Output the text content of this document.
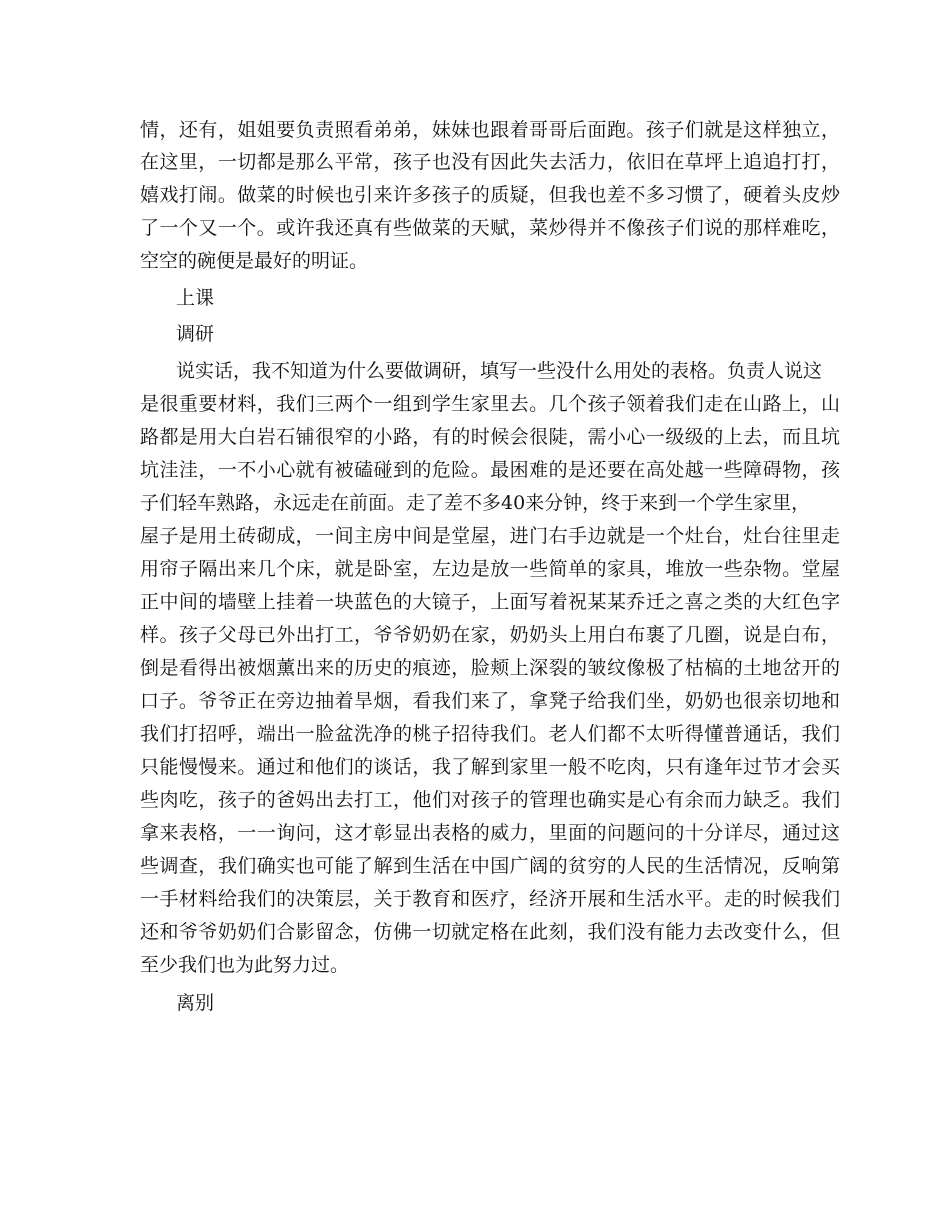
情，还有，姐姐要负责照看弟弟，妹妹也跟着哥哥后面跑。孩子们就是这样独立，
在这里，一切都是那么平常，孩子也没有因此失去活力，依旧在草坪上追追打打，
嬉戏打闹。做菜的时候也引来许多孩子的质疑，但我也差不多习惯了，硬着头皮炒
了一个又一个。或许我还真有些做菜的天赋，菜炒得并不像孩子们说的那样难吃，
空空的碗便是最好的明证。
上课
调研
说实话，我不知道为什么要做调研，填写一些没什么用处的表格。负责人说这
是很重要材料，我们三两个一组到学生家里去。几个孩子领着我们走在山路上，山
路都是用大白岩石铺很窄的小路，有的时候会很陡，需小心一级级的上去，而且坑
坑洼洼，一不小心就有被磕碰到的危险。最困难的是还要在高处越一些障碍物，孩
子们轻车熟路，永远走在前面。走了差不多40来分钟，终于来到一个学生家里，
屋子是用土砖砌成，一间主房中间是堂屋，进门右手边就是一个灶台，灶台往里走
用帘子隔出来几个床，就是卧室，左边是放一些简单的家具，堆放一些杂物。堂屋
正中间的墙壁上挂着一块蓝色的大镜子，上面写着祝某某乔迁之喜之类的大红色字
样。孩子父母已外出打工，爷爷奶奶在家，奶奶头上用白布裹了几圈，说是白布，
倒是看得出被烟薰出来的历史的痕迹，脸颊上深裂的皱纹像极了枯槁的土地岔开的
口子。爷爷正在旁边抽着旱烟，看我们来了，拿凳子给我们坐，奶奶也很亲切地和
我们打招呼，端出一脸盆洗净的桃子招待我们。老人们都不太听得懂普通话，我们
只能慢慢来。通过和他们的谈话，我了解到家里一般不吃肉，只有逢年过节才会买
些肉吃，孩子的爸妈出去打工，他们对孩子的管理也确实是心有余而力缺乏。我们
拿来表格，一一询问，这才彰显出表格的威力，里面的问题问的十分详尽，通过这
些调查，我们确实也可能了解到生活在中国广阔的贫穷的人民的生活情况，反响第
一手材料给我们的决策层，关于教育和医疗，经济开展和生活水平。走的时候我们
还和爷爷奶奶们合影留念，仿佛一切就定格在此刻，我们没有能力去改变什么，但
至少我们也为此努力过。
离别
